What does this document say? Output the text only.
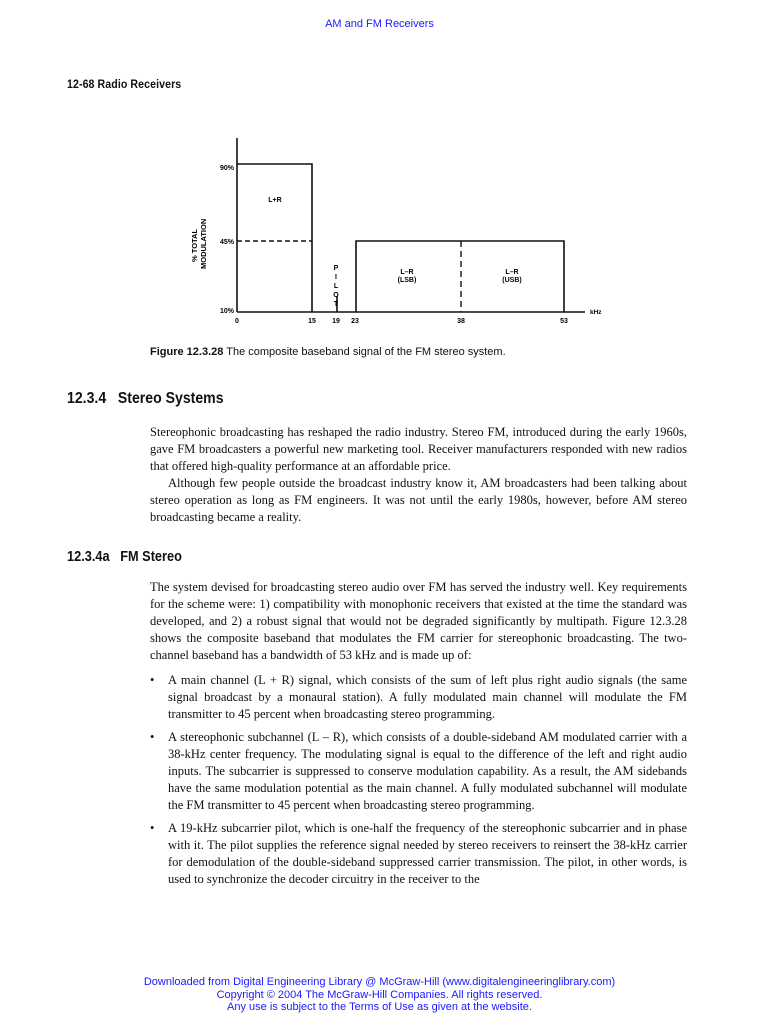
AM and FM Receivers
12-68 Radio Receivers
% TOTAL MODULATION
90%
45%
10%
L+R
P
I
L
O
T
L–R
(LSB)
L–R
(USB)
0	15 19 23	38	53
kHz
Figure 12.3.28 The composite baseband signal of the FM stereo system.
12.3.4   Stereo Systems

Stereophonic broadcasting has reshaped the radio industry. Stereo FM, introduced during the early 1960s, gave FM broadcasters a powerful new marketing tool. Receiver manufacturers responded with new radios that offered high-quality performance at an affordable price.

Although few people outside the broadcast industry know it, AM broadcasters had been talking about stereo operation as long as FM engineers. It was not until the early 1980s, however, before AM stereo broadcasting became a reality.

12.3.4a   FM Stereo

The system devised for broadcasting stereo audio over FM has served the industry well. Key requirements for the scheme were: 1) compatibility with monophonic receivers that existed at the time the standard was developed, and 2) a robust signal that would not be degraded significantly by multipath. Figure 12.3.28 shows the composite baseband that modulates the FM carrier for stereophonic broadcasting. The two-channel baseband has a bandwidth of 53 kHz and is made up of:

• A main channel (L + R) signal, which consists of the sum of left plus right audio signals (the same signal broadcast by a monaural station). A fully modulated main channel will modulate the FM transmitter to 45 percent when broadcasting stereo programming.
• A stereophonic subchannel (L – R), which consists of a double-sideband AM modulated carrier with a 38-kHz center frequency. The modulating signal is equal to the difference of the left and right audio inputs. The subcarrier is suppressed to conserve modulation capability. As a result, the AM sidebands have the same modulation potential as the main channel. A fully modulated subchannel will modulate the FM transmitter to 45 percent when broadcasting stereo programming.
• A 19-kHz subcarrier pilot, which is one-half the frequency of the stereophonic subcarrier and in phase with it. The pilot supplies the reference signal needed by stereo receivers to reinsert the 38-kHz carrier for demodulation of the double-sideband suppressed carrier transmission. The pilot, in other words, is used to synchronize the decoder circuitry in the receiver to the
Downloaded from Digital Engineering Library @ McGraw-Hill (www.digitalengineeringlibrary.com)
Copyright © 2004 The McGraw-Hill Companies. All rights reserved.
Any use is subject to the Terms of Use as given at the website.
